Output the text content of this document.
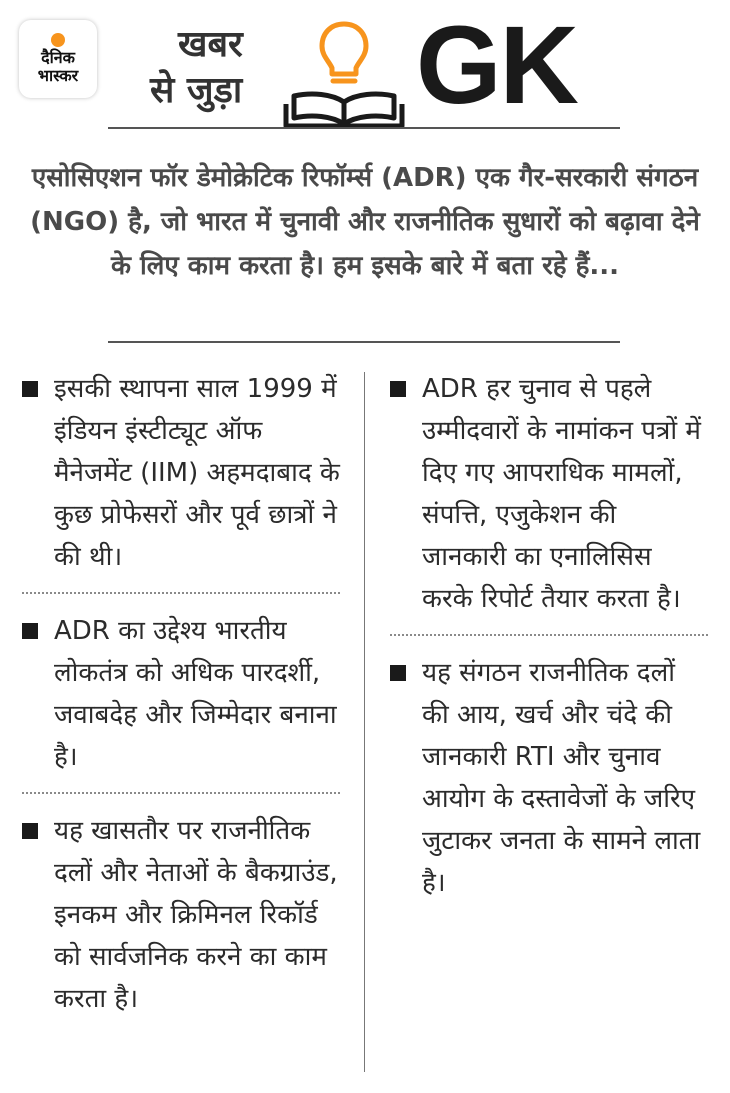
दैनिक
भास्कर
खबर
से जुड़ा	GK
एसोसिएशन फॉर डेमोक्रेटिक रिफॉर्म्स (ADR) एक गैर-सरकारी संगठन (NGO) है, जो भारत में चुनावी और राजनीतिक सुधारों को बढ़ावा देने के लिए काम करता है। हम इसके बारे में बता रहे हैं...
इसकी स्थापना साल 1999 में इंडियन इंस्टीट्यूट ऑफ मैनेजमेंट (IIM) अहमदाबाद के कुछ प्रोफेसरों और पूर्व छात्रों ने की थी।
ADR का उद्देश्य भारतीय लोकतंत्र को अधिक पारदर्शी, जवाबदेह और जिम्मेदार बनाना है।
यह खासतौर पर राजनीतिक दलों और नेताओं के बैकग्राउंड, इनकम और क्रिमिनल रिकॉर्ड को सार्वजनिक करने का काम करता है।
ADR हर चुनाव से पहले उम्मीदवारों के नामांकन पत्रों में दिए गए आपराधिक मामलों, संपत्ति, एजुकेशन की जानकारी का एनालिसिस करके रिपोर्ट तैयार करता है।
यह संगठन राजनीतिक दलों की आय, खर्च और चंदे की जानकारी RTI और चुनाव आयोग के दस्तावेजों के जरिए जुटाकर जनता के सामने लाता है।
